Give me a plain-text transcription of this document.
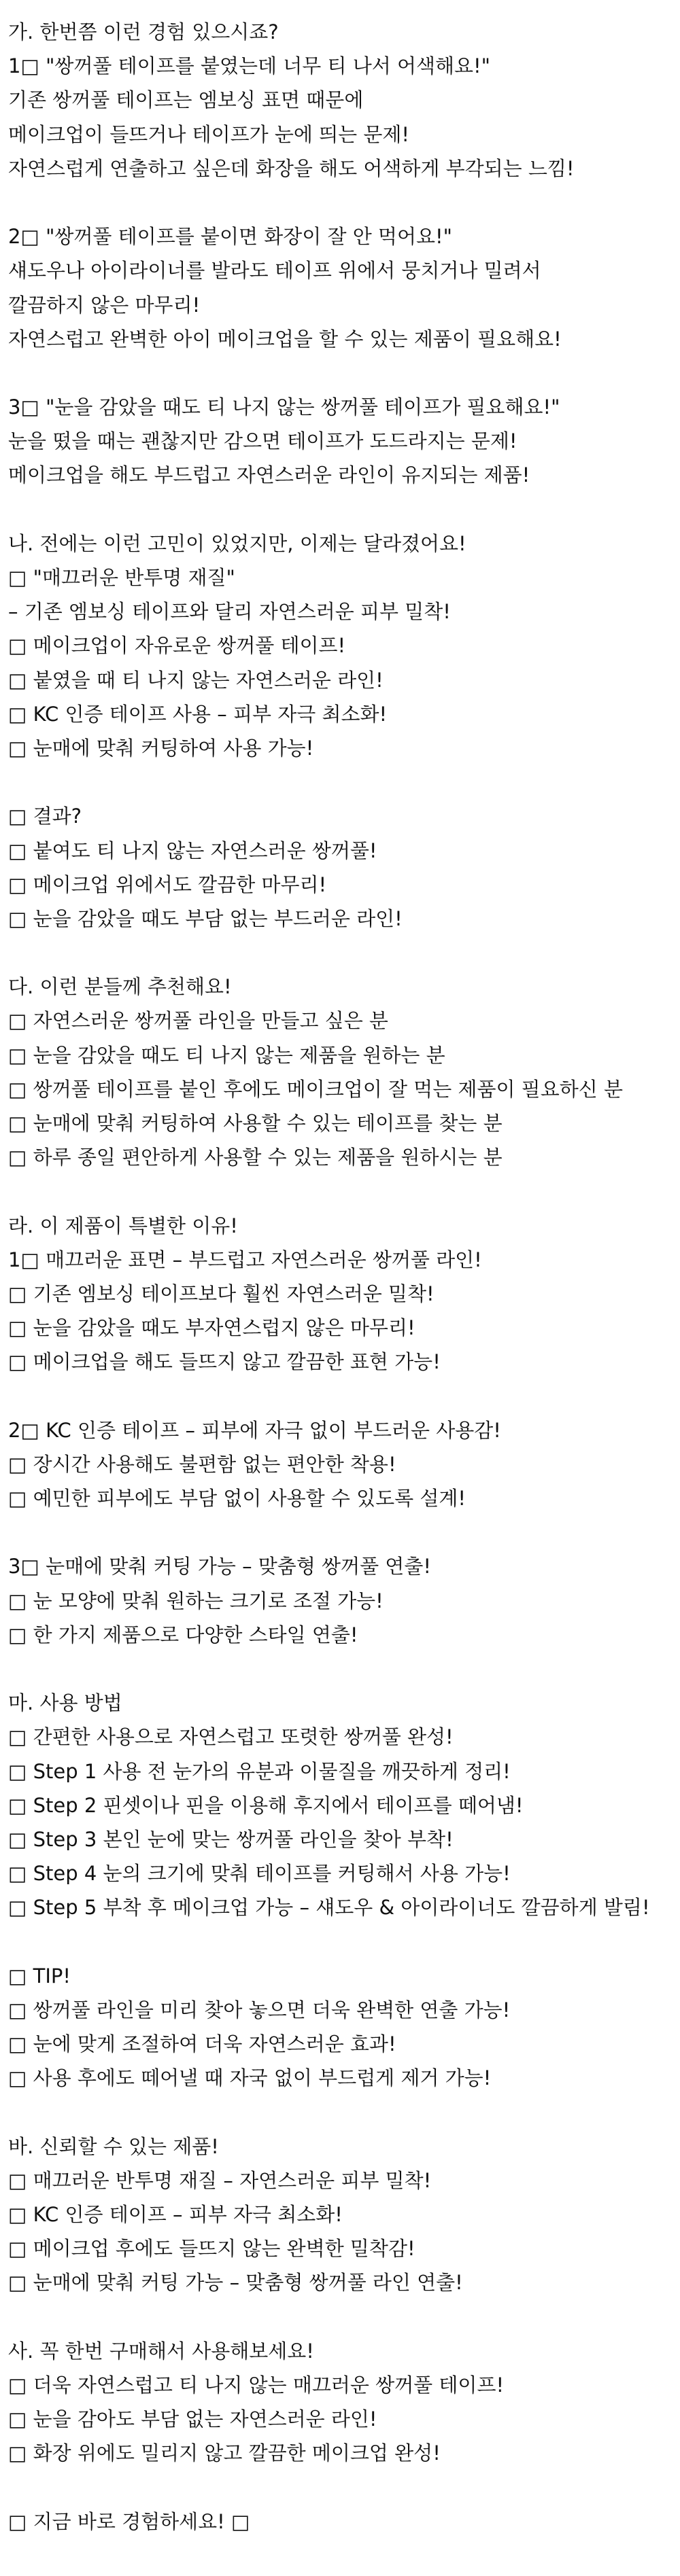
가. 한번쯤 이런 경험 있으시죠?
1□ "쌍꺼풀 테이프를 붙였는데 너무 티 나서 어색해요!"
기존 쌍꺼풀 테이프는 엠보싱 표면 때문에
메이크업이 들뜨거나 테이프가 눈에 띄는 문제!
자연스럽게 연출하고 싶은데 화장을 해도 어색하게 부각되는 느낌!
2□ "쌍꺼풀 테이프를 붙이면 화장이 잘 안 먹어요!"
섀도우나 아이라이너를 발라도 테이프 위에서 뭉치거나 밀려서
깔끔하지 않은 마무리!
자연스럽고 완벽한 아이 메이크업을 할 수 있는 제품이 필요해요!
3□ "눈을 감았을 때도 티 나지 않는 쌍꺼풀 테이프가 필요해요!"
눈을 떴을 때는 괜찮지만 감으면 테이프가 도드라지는 문제!
메이크업을 해도 부드럽고 자연스러운 라인이 유지되는 제품!
나. 전에는 이런 고민이 있었지만, 이제는 달라졌어요!
□ "매끄러운 반투명 재질"
– 기존 엠보싱 테이프와 달리 자연스러운 피부 밀착!
□ 메이크업이 자유로운 쌍꺼풀 테이프!
□ 붙였을 때 티 나지 않는 자연스러운 라인!
□ KC 인증 테이프 사용 – 피부 자극 최소화!
□ 눈매에 맞춰 커팅하여 사용 가능!
□ 결과?
□ 붙여도 티 나지 않는 자연스러운 쌍꺼풀!
□ 메이크업 위에서도 깔끔한 마무리!
□ 눈을 감았을 때도 부담 없는 부드러운 라인!
다. 이런 분들께 추천해요!
□ 자연스러운 쌍꺼풀 라인을 만들고 싶은 분
□ 눈을 감았을 때도 티 나지 않는 제품을 원하는 분
□ 쌍꺼풀 테이프를 붙인 후에도 메이크업이 잘 먹는 제품이 필요하신 분
□ 눈매에 맞춰 커팅하여 사용할 수 있는 테이프를 찾는 분
□ 하루 종일 편안하게 사용할 수 있는 제품을 원하시는 분
라. 이 제품이 특별한 이유!
1□ 매끄러운 표면 – 부드럽고 자연스러운 쌍꺼풀 라인!
□ 기존 엠보싱 테이프보다 훨씬 자연스러운 밀착!
□ 눈을 감았을 때도 부자연스럽지 않은 마무리!
□ 메이크업을 해도 들뜨지 않고 깔끔한 표현 가능!
2□ KC 인증 테이프 – 피부에 자극 없이 부드러운 사용감!
□ 장시간 사용해도 불편함 없는 편안한 착용!
□ 예민한 피부에도 부담 없이 사용할 수 있도록 설계!
3□ 눈매에 맞춰 커팅 가능 – 맞춤형 쌍꺼풀 연출!
□ 눈 모양에 맞춰 원하는 크기로 조절 가능!
□ 한 가지 제품으로 다양한 스타일 연출!
마. 사용 방법
□ 간편한 사용으로 자연스럽고 또렷한 쌍꺼풀 완성!
□ Step 1 사용 전 눈가의 유분과 이물질을 깨끗하게 정리!
□ Step 2 핀셋이나 핀을 이용해 후지에서 테이프를 떼어냄!
□ Step 3 본인 눈에 맞는 쌍꺼풀 라인을 찾아 부착!
□ Step 4 눈의 크기에 맞춰 테이프를 커팅해서 사용 가능!
□ Step 5 부착 후 메이크업 가능 – 섀도우 & 아이라이너도 깔끔하게 발림!
□ TIP!
□ 쌍꺼풀 라인을 미리 찾아 놓으면 더욱 완벽한 연출 가능!
□ 눈에 맞게 조절하여 더욱 자연스러운 효과!
□ 사용 후에도 떼어낼 때 자국 없이 부드럽게 제거 가능!
바. 신뢰할 수 있는 제품!
□ 매끄러운 반투명 재질 – 자연스러운 피부 밀착!
□ KC 인증 테이프 – 피부 자극 최소화!
□ 메이크업 후에도 들뜨지 않는 완벽한 밀착감!
□ 눈매에 맞춰 커팅 가능 – 맞춤형 쌍꺼풀 라인 연출!
사. 꼭 한번 구매해서 사용해보세요!
□ 더욱 자연스럽고 티 나지 않는 매끄러운 쌍꺼풀 테이프!
□ 눈을 감아도 부담 없는 자연스러운 라인!
□ 화장 위에도 밀리지 않고 깔끔한 메이크업 완성!
□ 지금 바로 경험하세요! □
